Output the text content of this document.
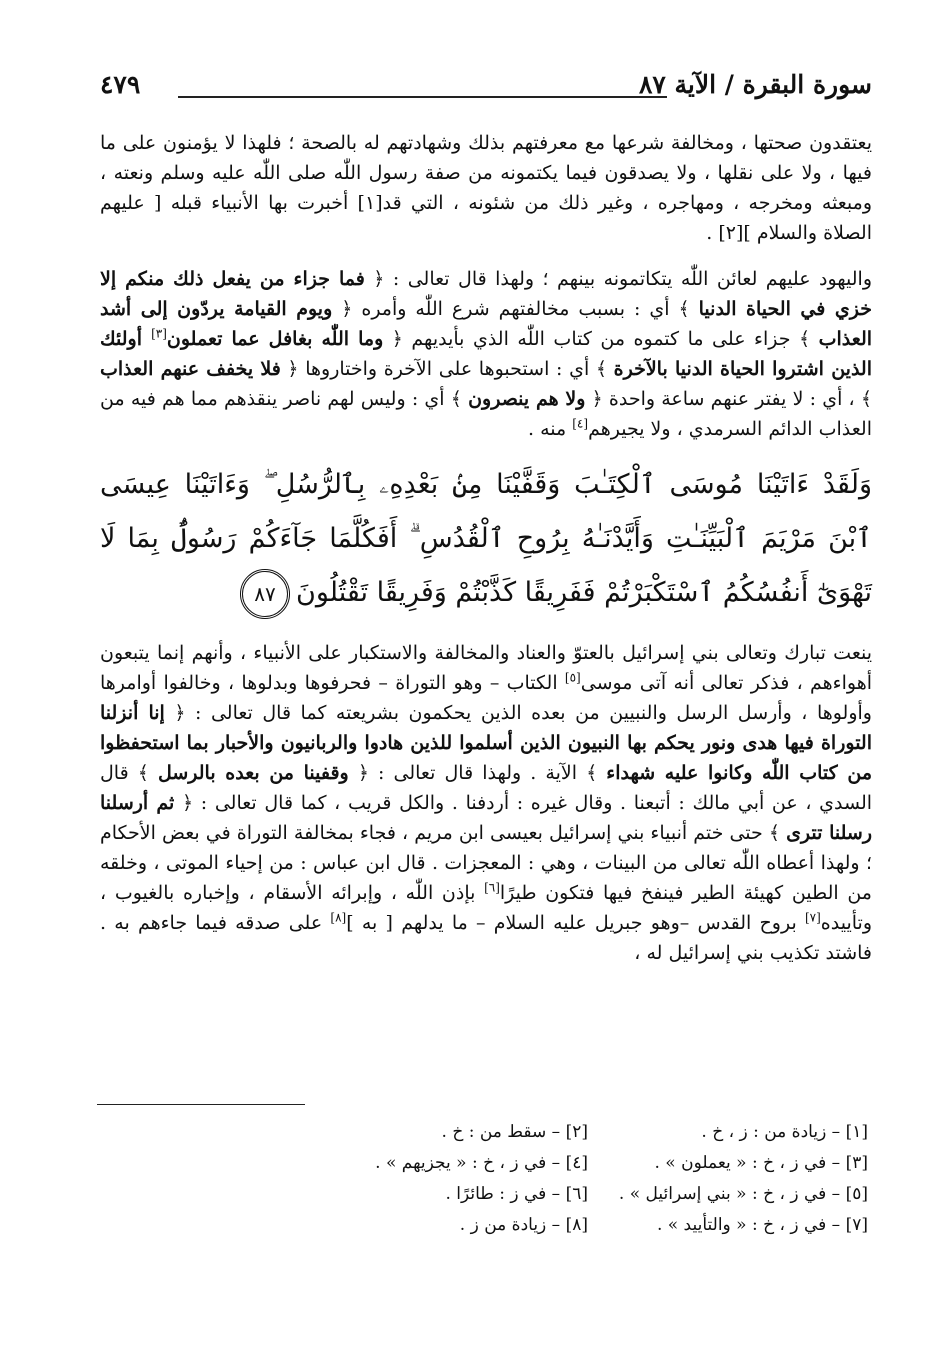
سورة البقرة / الآية ٨٧
٤٧٩

يعتقدون صحتها ، ومخالفة شرعها مع معرفتهم بذلك وشهادتهم له بالصحة ؛ فلهذا لا يؤمنون على ما فيها ، ولا على نقلها ، ولا يصدقون فيما يكتمونه من صفة رسول اللّٰه صلى اللّٰه عليه وسلم ونعته ، ومبعثه ومخرجه ، ومهاجره ، وغير ذلك من شئونه ، التي قد[١] أخبرت بها الأنبياء قبله [ عليهم الصلاة والسلام ][٢] .

واليهود عليهم لعائن اللّٰه يتكاتمونه بينهم ؛ ولهذا قال تعالى : ﴿ فما جزاء من يفعل ذلك منكم إلا خزي في الحياة الدنيا ﴾ أي : بسبب مخالفتهم شرع اللّٰه وأمره ﴿ ويوم القيامة يردّون إلى أشد العذاب ﴾ جزاء على ما كتموه من كتاب اللّٰه الذي بأيديهم ﴿ وما اللّٰه بغافل عما تعملون[٣] أولئك الذين اشتروا الحياة الدنيا بالآخرة ﴾ أي : استحبوها على الآخرة واختاروها ﴿ فلا يخفف عنهم العذاب ﴾ ، أي : لا يفتر عنهم ساعة واحدة ﴿ ولا هم ينصرون ﴾ أي : وليس لهم ناصر ينقذهم مما هم فيه من العذاب الدائم السرمدي ، ولا يجيرهم[٤] منه .

وَلَقَدْ ءَاتَيْنَا مُوسَى ٱلْكِتَـٰبَ وَقَفَّيْنَا مِنۢ بَعْدِهِۦ بِٱلرُّسُلِ ۖ وَءَاتَيْنَا عِيسَى ٱبْنَ مَرْيَمَ ٱلْبَيِّنَـٰتِ وَأَيَّدْنَـٰهُ بِرُوحِ ٱلْقُدُسِ ۗ أَفَكُلَّمَا جَآءَكُمْ رَسُولٌۢ بِمَا لَا تَهْوَىٰٓ أَنفُسُكُمُ ٱسْتَكْبَرْتُمْ فَفَرِيقًا كَذَّبْتُمْ وَفَرِيقًا تَقْتُلُونَ٨٧

ينعت تبارك وتعالى بني إسرائيل بالعتوّ والعناد والمخالفة والاستكبار على الأنبياء ، وأنهم إنما يتبعون أهواءهم ، فذكر تعالى أنه آتى موسى[٥] الكتاب – وهو التوراة – فحرفوها وبدلوها ، وخالفوا أوامرها وأولوها ، وأرسل الرسل والنبيين من بعده الذين يحكمون بشريعته كما قال تعالى : ﴿ إنا أنزلنا التوراة فيها هدى ونور يحكم بها النبيون الذين أسلموا للذين هادوا والربانيون والأحبار بما استحفظوا من كتاب اللّٰه وكانوا عليه شهداء ﴾ الآية . ولهذا قال تعالى : ﴿ وقفينا من بعده بالرسل ﴾ قال السدي ، عن أبي مالك : أتبعنا . وقال غيره : أردفنا . والكل قريب ، كما قال تعالى : ﴿ ثم أرسلنا رسلنا تترى ﴾ حتى ختم أنبياء بني إسرائيل بعيسى ابن مريم ، فجاء بمخالفة التوراة في بعض الأحكام ؛ ولهذا أعطاه اللّٰه تعالى من البينات ، وهي : المعجزات . قال ابن عباس : من إحياء الموتى ، وخلقه من الطين كهيئة الطير فينفخ فيها فتكون طيرًا[٦] بإذن اللّٰه ، وإبرائه الأسقام ، وإخباره بالغيوب ، وتأييده[٧] بروح القدس –وهو جبريل عليه السلام – ما يدلهم [ به ][٨] على صدقه فيما جاءهم به . فاشتد تكذيب بني إسرائيل له ،

[١] – زيادة من : ز ، خ .
[٢] – سقط من : خ .
[٣] – في ز ، خ : « يعملون » .
[٤] – في ز ، خ : « يجزيهم » .
[٥] – في ز ، خ : « بني إسرائيل » .
[٦] – في ز : طائرًا .
[٧] – في ز ، خ : « والتأييد » .
[٨] – زيادة من ز .
